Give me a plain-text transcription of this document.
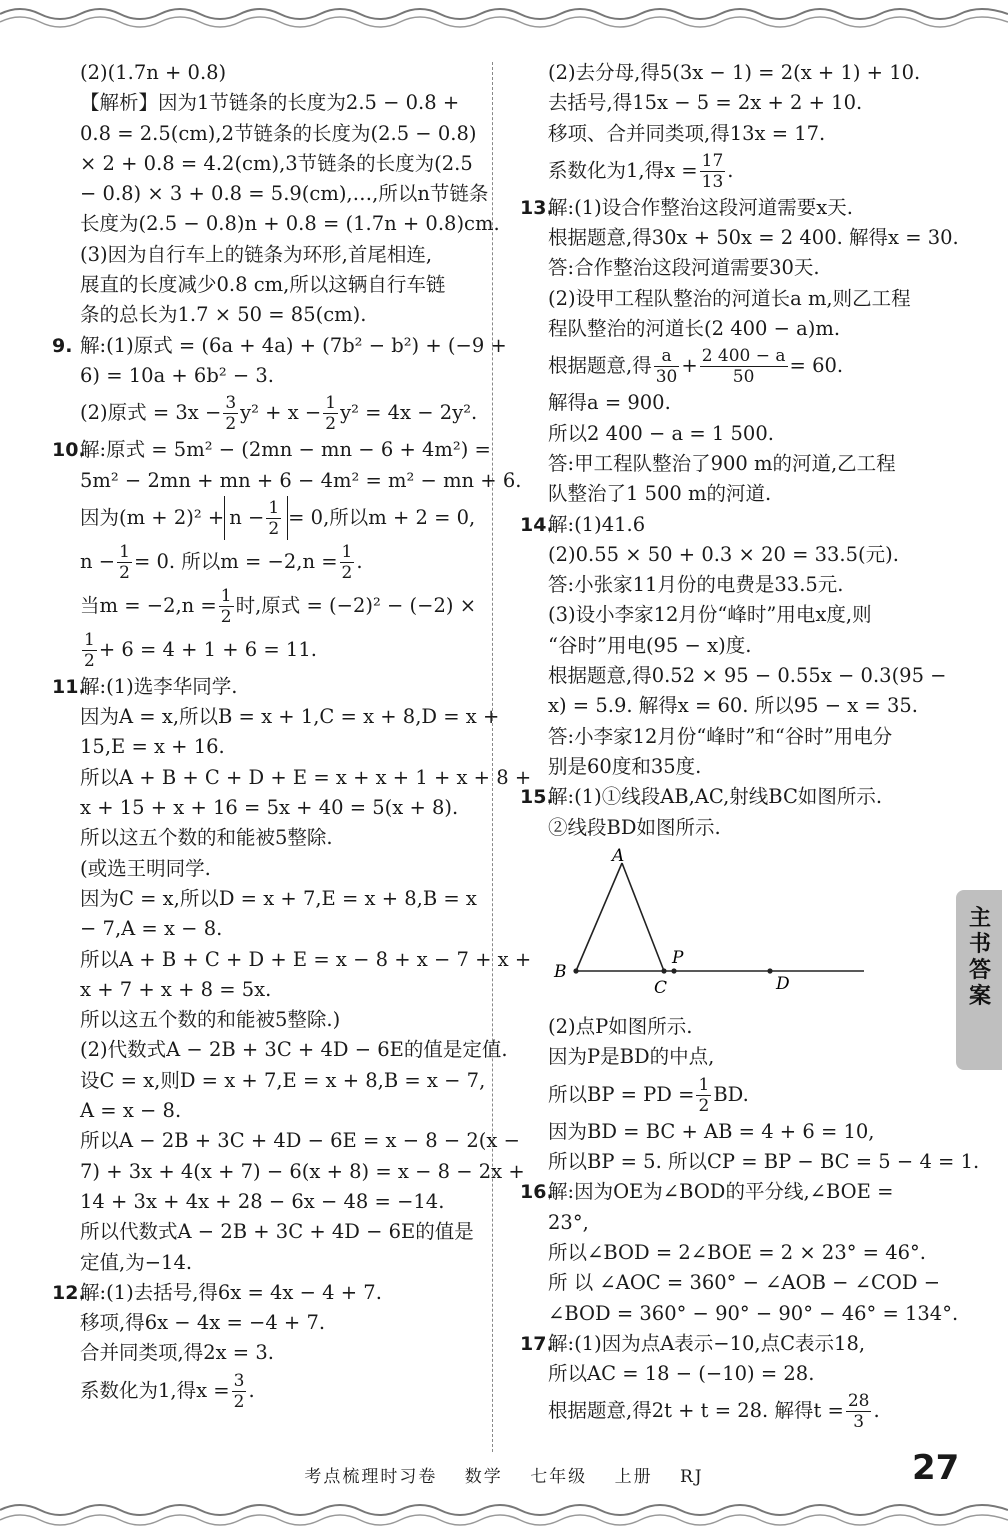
(2)(1.7n + 0.8)
【解析】因为1节链条的长度为2.5 − 0.8 +
0.8 = 2.5(cm),2节链条的长度为(2.5 − 0.8)
× 2 + 0.8 = 4.2(cm),3节链条的长度为(2.5
− 0.8) × 3 + 0.8 = 5.9(cm),…,所以n节链条
长度为(2.5 − 0.8)n + 0.8 = (1.7n + 0.8)cm.
(3)因为自行车上的链条为环形,首尾相连,
展直的长度减少0.8 cm,所以这辆自行车链
条的总长为1.7 × 50 = 85(cm).
9. 解:(1)原式 = (6a + 4a) + (7b² − b²) + (−9 +
6) = 10a + 6b² − 3.
(2)原式 = $3x - \frac{3}{2} y^2 + x - \frac{1}{2} y^2 = 4x - 2y^2$.
10.解:原式 = 5m² − (2mn − mn − 6 + 4m²) =
5m² − 2mn + mn + 6 − 4m² = m² − mn + 6.
因为$(m + 2)^2 + n - \frac{1}{2} = 0$,所以m + 2 = 0,
$n - \frac{1}{2} = 0$. 所以$m = -2,n = \frac{1}{2}$ .
当$m = -2,n = \frac{1}{2}$ 时,原式 = (−2)² − (−2) ×
$\frac{1}{2} + 6 = 4 + 1 + 6 = 11$.
11.解:(1)选李华同学.
因为A = x,所以B = x + 1,C = x + 8,D = x +
15,E = x + 16.
所以A + B + C + D + E = x + x + 1 + x + 8 +
x + 15 + x + 16 = 5x + 40 = 5(x + 8).
所以这五个数的和能被5整除.
(或选王明同学.
因为C = x,所以D = x + 7,E = x + 8,B = x
− 7,A = x − 8.
所以A + B + C + D + E = x − 8 + x − 7 + x +
x + 7 + x + 8 = 5x.
所以这五个数的和能被5整除.)
(2)代数式A − 2B + 3C + 4D − 6E的值是定值.
设C = x,则D = x + 7,E = x + 8,B = x − 7,
A = x − 8.
所以A − 2B + 3C + 4D − 6E = x − 8 − 2(x −
7) + 3x + 4(x + 7) − 6(x + 8) = x − 8 − 2x +
14 + 3x + 4x + 28 − 6x − 48 = −14.
所以代数式A − 2B + 3C + 4D − 6E的值是
定值,为−14.
12.解:(1)去括号,得6x = 4x − 4 + 7.
移项,得6x − 4x = −4 + 7.
合并同类项,得2x = 3.
系数化为1,得$x = \frac{3}{2}$ .
(2)去分母,得5(3x − 1) = 2(x + 1) + 10.
去括号,得15x − 5 = 2x + 2 + 10.
移项、合并同类项,得13x = 17.
系数化为1,得$x = \frac{17}{13}$ .
13.解:(1)设合作整治这段河道需要x天.
根据题意,得30x + 50x = 2 400. 解得x = 30.
答:合作整治这段河道需要30天.
(2)设甲工程队整治的河道长a m,则乙工程
程队整治的河道长(2 400 − a)m.
根据题意,得 $\frac{a}{30} + \frac{2 400 - a}{50} = 60$.
解得a = 900.
所以2 400 − a = 1 500.
答:甲工程队整治了900 m的河道,乙工程
队整治了1 500 m的河道.
14.解:(1)41.6
(2)0.55 × 50 + 0.3 × 20 = 33.5(元).
答:小张家11月份的电费是33.5元.
(3)设小李家12月份“峰时”用电x度,则
“谷时”用电(95 − x)度.
根据题意,得0.52 × 95 − 0.55x − 0.3(95 −
x) = 5.9. 解得x = 60. 所以95 − x = 35.
答:小李家12月份“峰时”和“谷时”用电分
别是60度和35度.
15.解:(1)①线段AB,AC,射线BC如图所示.
②线段BD如图所示.
A
B
C
P
D
(2)点P如图所示.
因为P是BD的中点,
所以BP = PD = $\frac{1}{2}$ BD.
因为BD = BC + AB = 4 + 6 = 10,
所以BP = 5. 所以CP = BP − BC = 5 − 4 = 1.
16.解:因为OE为∠BOD的平分线,∠BOE =
23°,
所以∠BOD = 2∠BOE = 2 × 23° = 46°.
所 以 ∠AOC = 360° − ∠AOB − ∠COD −
∠BOD = 360° − 90° − 90° − 46° = 134°.
17.解:(1)因为点A表示−10,点C表示18,
所以AC = 18 − (−10) = 28.
根据题意,得2t + t = 28. 解得$t = \frac{28}{3}$ .
主书答案
考点梳理时习卷 数学 七年级 上册 RJ	27
